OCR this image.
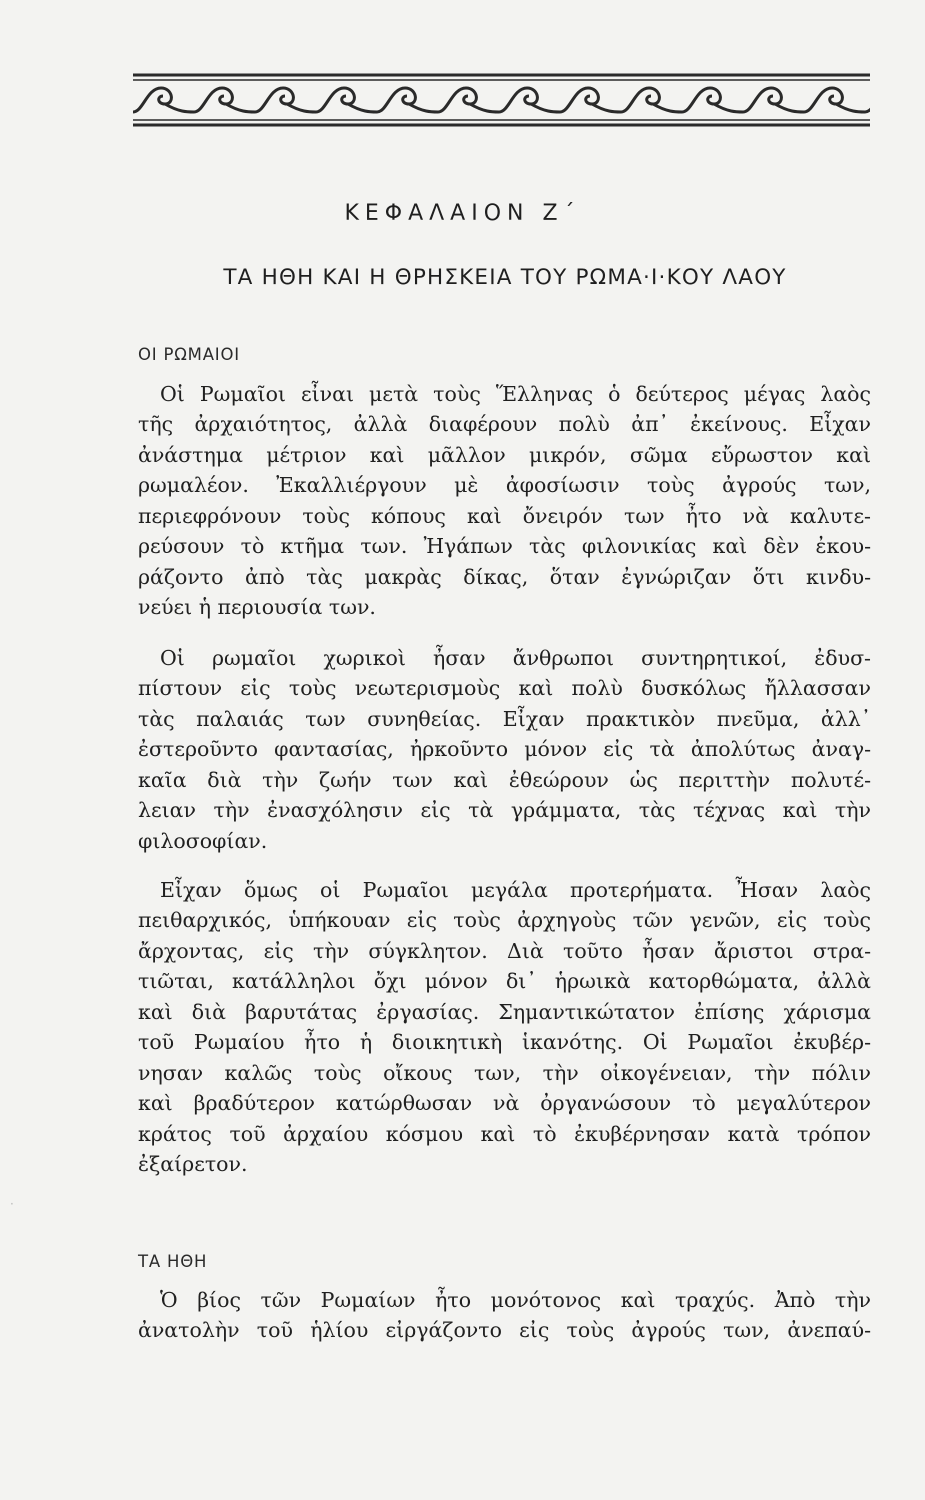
ΚΕΦΑΛΑΙΟΝ Ζ΄
ΤΑ ΗΘΗ ΚΑΙ Η ΘΡΗΣΚΕΙΑ ΤΟΥ ΡΩΜΑ·Ι·ΚΟΥ ΛΑΟΥ
ΟΙ ΡΩΜΑΙΟΙ
Οἱ Ρωμαῖοι εἶναι μετὰ τοὺς Ἕλληνας ὁ δεύτερος μέγας λαὸς
τῆς ἀρχαιότητος, ἀλλὰ διαφέρουν πολὺ ἀπ᾽ ἐκείνους. Εἶχαν
ἀνάστημα μέτριον καὶ μᾶλλον μικρόν, σῶμα εὔρωστον καὶ
ρωμαλέον. Ἐκαλλιέργουν μὲ ἀφοσίωσιν τοὺς ἀγρούς των,
περιεφρόνουν τοὺς κόπους καὶ ὄνειρόν των ἦτο νὰ καλυτε-
ρεύσουν τὸ κτῆμα των. Ἠγάπων τὰς φιλονικίας καὶ δὲν ἐκου-
ράζοντο ἀπὸ τὰς μακρὰς δίκας, ὅταν ἐγνώριζαν ὅτι κινδυ-
νεύει ἡ περιουσία των.
Οἱ ρωμαῖοι χωρικοὶ ἦσαν ἄνθρωποι συντηρητικοί, ἐδυσ-
πίστουν εἰς τοὺς νεωτερισμοὺς καὶ πολὺ δυσκόλως ἤλλασσαν
τὰς παλαιάς των συνηθείας. Εἶχαν πρακτικὸν πνεῦμα, ἀλλ᾽
ἐστεροῦντο φαντασίας, ἠρκοῦντο μόνον εἰς τὰ ἀπολύτως ἀναγ-
καῖα διὰ τὴν ζωήν των καὶ ἐθεώρουν ὡς περιττὴν πολυτέ-
λειαν τὴν ἐνασχόλησιν εἰς τὰ γράμματα, τὰς τέχνας καὶ τὴν
φιλοσοφίαν.
Εἶχαν ὅμως οἱ Ρωμαῖοι μεγάλα προτερήματα. Ἦσαν λαὸς
πειθαρχικός, ὑπήκουαν εἰς τοὺς ἀρχηγοὺς τῶν γενῶν, εἰς τοὺς
ἄρχοντας, εἰς τὴν σύγκλητον. Διὰ τοῦτο ἦσαν ἄριστοι στρα-
τιῶται, κατάλληλοι ὄχι μόνον δι᾽ ἡρωικὰ κατορθώματα, ἀλλὰ
καὶ διὰ βαρυτάτας ἐργασίας. Σημαντικώτατον ἐπίσης χάρισμα
τοῦ Ρωμαίου ἦτο ἡ διοικητικὴ ἱκανότης. Οἱ Ρωμαῖοι ἐκυβέρ-
νησαν καλῶς τοὺς οἴκους των, τὴν οἰκογένειαν, τὴν πόλιν
καὶ βραδύτερον κατώρθωσαν νὰ ὀργανώσουν τὸ μεγαλύτερον
κράτος τοῦ ἀρχαίου κόσμου καὶ τὸ ἐκυβέρνησαν κατὰ τρόπον
ἐξαίρετον.
ΤΑ ΗΘΗ
Ὁ βίος τῶν Ρωμαίων ἦτο μονότονος καὶ τραχύς. Ἀπὸ τὴν
ἀνατολὴν τοῦ ἡλίου εἰργάζοντο εἰς τοὺς ἀγρούς των, ἀνεπαύ-
·
